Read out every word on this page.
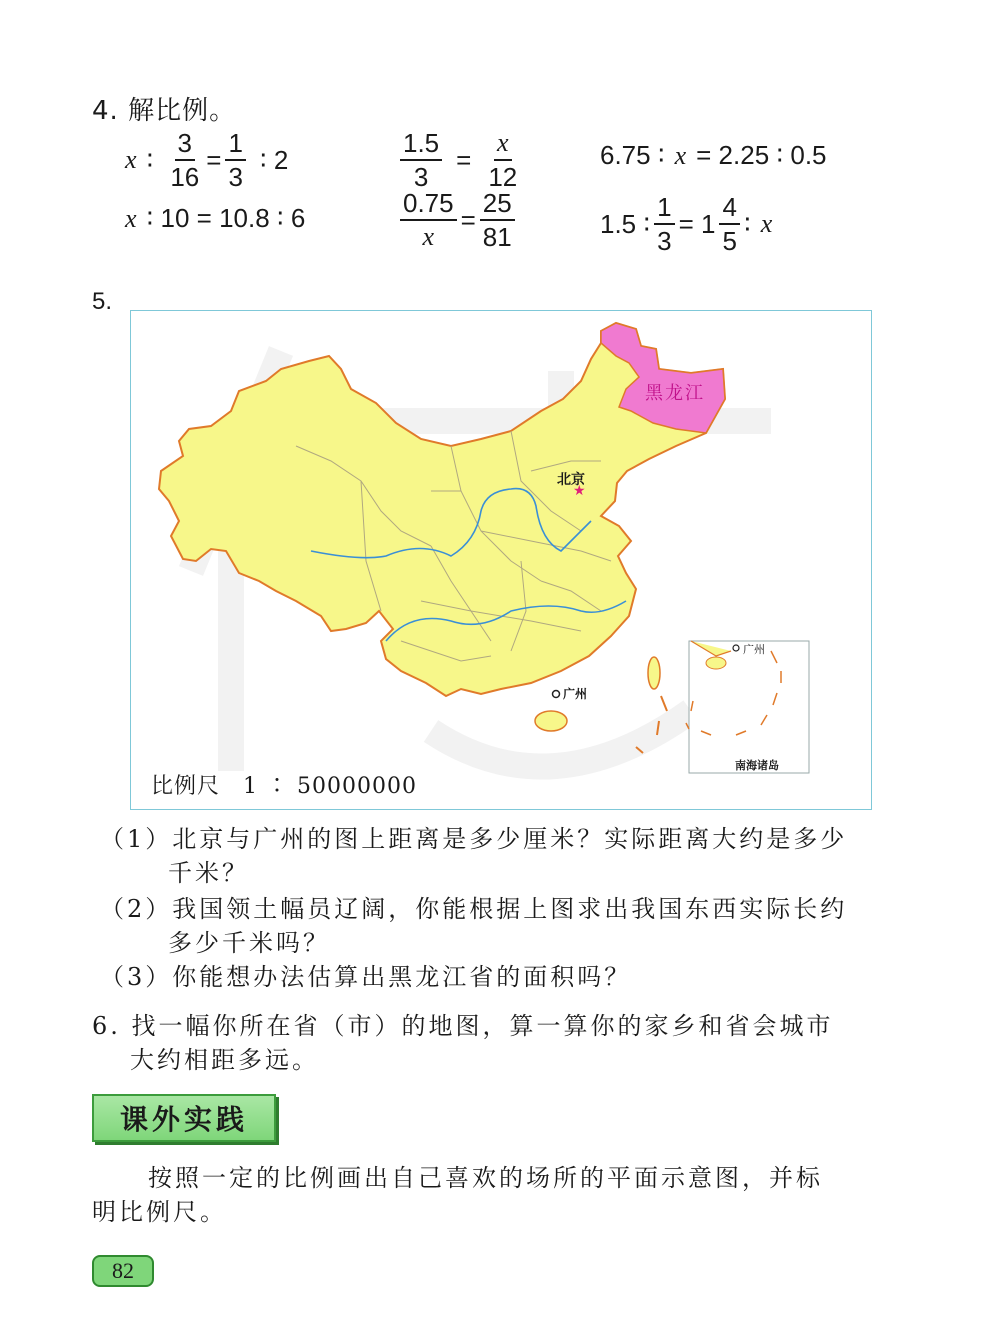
4. 解比例。
x ∶ $\frac{3}{16} = \frac{1}{3}$ ∶ 2	$\frac{1.5}{3} = \frac{x}{12}$	6.75 ∶ x = 2.25 ∶ 0.5
x ∶ 10 = 10.8 ∶ 6	$\frac{0.75}{x} = \frac{25}{81}$	1.5 ∶ $\frac{1}{3} = 1 \frac{4}{5}$ ∶ x
5.
★
黑龙江
北京
广州
广州
南海诸岛
比例尺　1 ∶ 50000000
（1）北京与广州的图上距离是多少厘米？实际距离大约是多少
千米？
（2）我国领土幅员辽阔，你能根据上图求出我国东西实际长约
多少千米吗？
（3）你能想办法估算出黑龙江省的面积吗？
6. 找一幅你所在省（市）的地图，算一算你的家乡和省会城市
大约相距多远。
课外实践
按照一定的比例画出自己喜欢的场所的平面示意图，并标
明比例尺。
82
